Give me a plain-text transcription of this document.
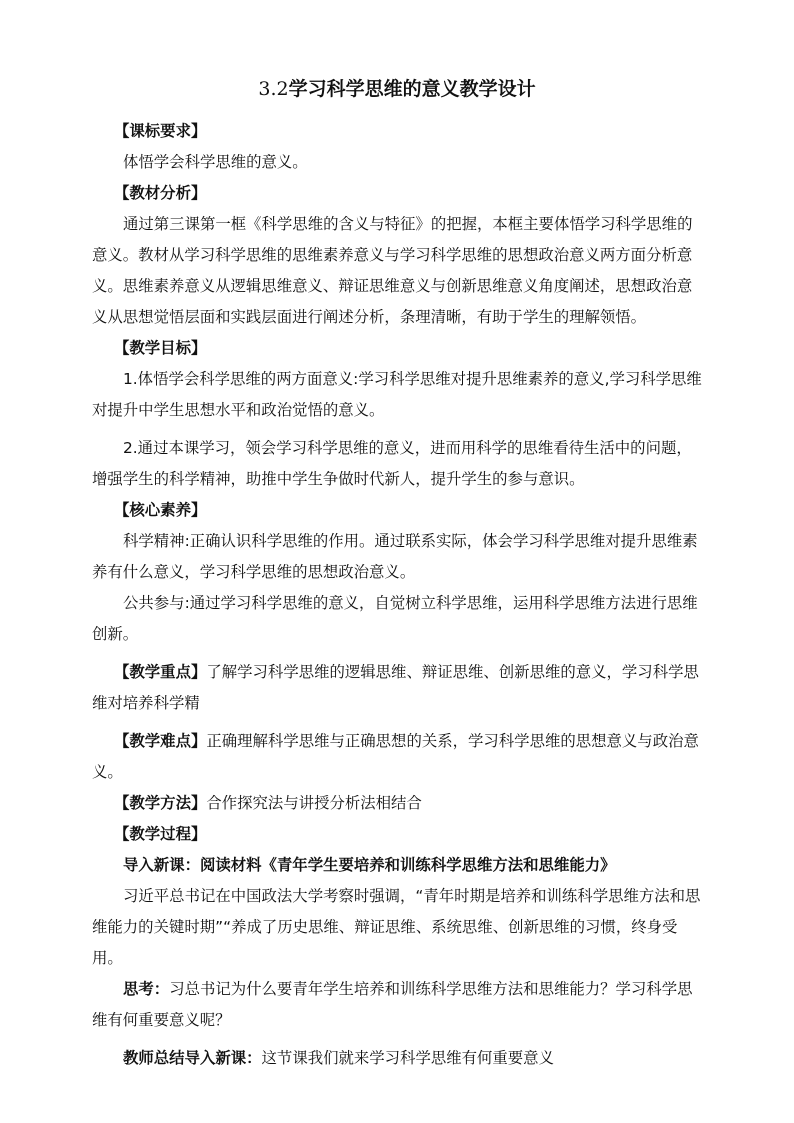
3.2学习科学思维的意义教学设计

【课标要求】

体悟学会科学思维的意义。

【教材分析】

通过第三课第一框《科学思维的含义与特征》的把握，本框主要体悟学习科学思维的意义。教材从学习科学思维的思维素养意义与学习科学思维的思想政治意义两方面分析意义。思维素养意义从逻辑思维意义、辩证思维意义与创新思维意义角度阐述，思想政治意义从思想觉悟层面和实践层面进行阐述分析，条理清晰，有助于学生的理解领悟。

【教学目标】

1.体悟学会科学思维的两方面意义:学习科学思维对提升思维素养的意义,学习科学思维对提升中学生思想水平和政治觉悟的意义。

2.通过本课学习，领会学习科学思维的意义，进而用科学的思维看待生活中的问题，增强学生的科学精神，助推中学生争做时代新人，提升学生的参与意识。

【核心素养】

科学精神:正确认识科学思维的作用。通过联系实际，体会学习科学思维对提升思维素养有什么意义，学习科学思维的思想政治意义。

公共参与:通过学习科学思维的意义，自觉树立科学思维，运用科学思维方法进行思维创新。

【教学重点】了解学习科学思维的逻辑思维、辩证思维、创新思维的意义，学习科学思维对培养科学精

【教学难点】正确理解科学思维与正确思想的关系，学习科学思维的思想意义与政治意义。

【教学方法】合作探究法与讲授分析法相结合

【教学过程】

导入新课：阅读材料《青年学生要培养和训练科学思维方法和思维能力》

习近平总书记在中国政法大学考察时强调，“青年时期是培养和训练科学思维方法和思维能力的关键时期”“养成了历史思维、辩证思维、系统思维、创新思维的习惯，终身受用。

思考：习总书记为什么要青年学生培养和训练科学思维方法和思维能力？学习科学思维有何重要意义呢？

教师总结导入新课：这节课我们就来学习科学思维有何重要意义
